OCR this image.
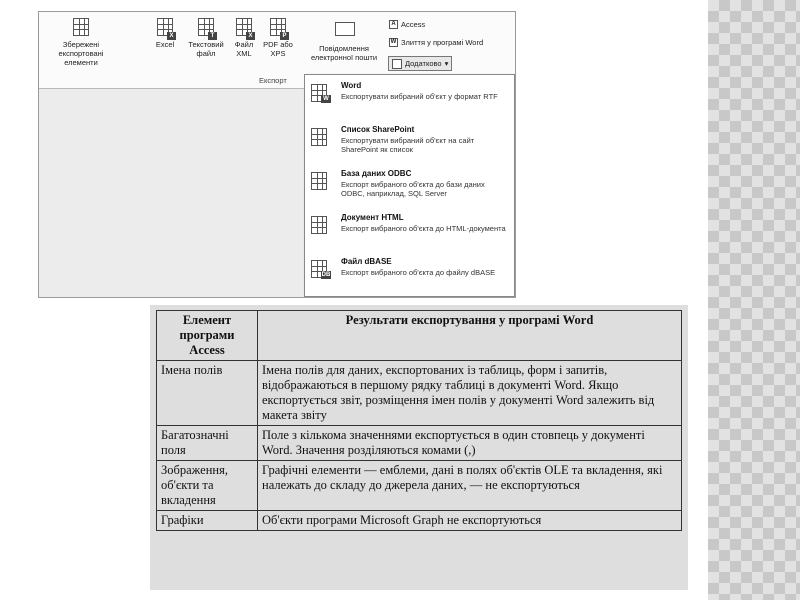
Збережені експортовані елементи
X
Excel
T
Текстовий файл
X
Файл XML
P
PDF або XPS
Повідомлення електронної пошти
A Access
W Злиття у програмі Word
Додатково ▾
Експорт
W
Word
Експортувати вибраний об'єкт у формат RTF
Список SharePoint
Експортувати вибраний об'єкт на сайт SharePoint як список
База даних ODBC
Експорт вибраного об'єкта до бази даних ODBC, наприклад, SQL Server
Документ HTML
Експорт вибраного об'єкта до HTML-документа
DB
Файл dBASE
Експорт вибраного об'єкта до файлу dBASE
Елемент програми Access	Результати експортування у програмі Word
Імена полів	Імена полів для даних, експортованих із таблиць, форм і запитів, відображаються в першому рядку таблиці в документі Word. Якщо експортується звіт, розміщення імен полів у документі Word залежить від макета звіту
Багатозначні поля	Поле з кількома значеннями експортується в один стовпець у документі Word. Значення розділяються комами (,)
Зображення, об'єкти та вкладення	Графічні елементи — емблеми, дані в полях об'єктів OLE та вкладення, які належать до складу до джерела даних, — не експортуються
Графіки	Об'єкти програми Microsoft Graph не експортуються
